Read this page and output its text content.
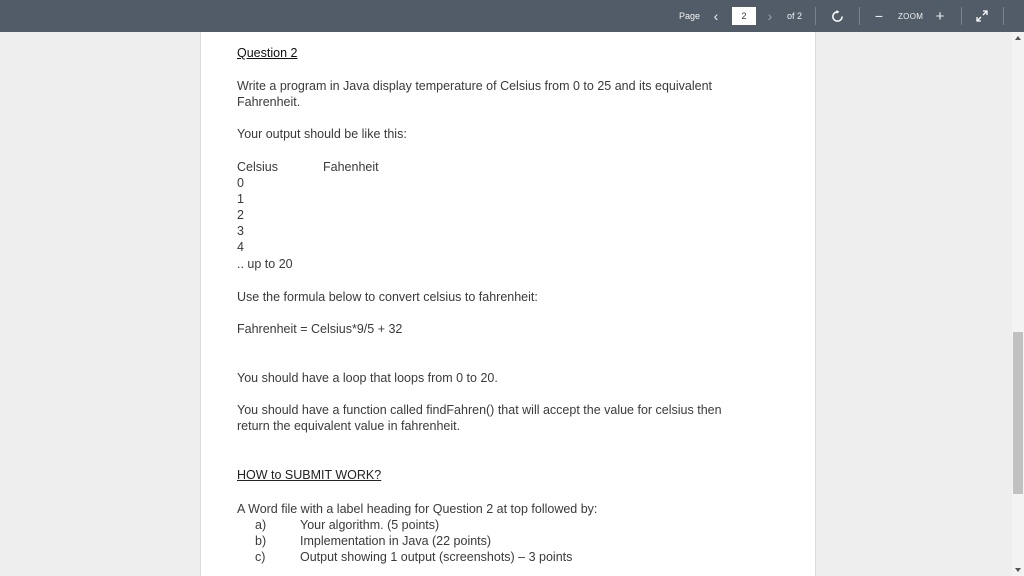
Page ‹
2	›	of 2	− ZOOM +
Question 2
Write a program in Java display temperature of Celsius from 0 to 25 and its equivalent
Fahrenheit.
Your output should be like this:
Celsius	Fahenheit
0
1
2
3
4
.. up to 20
Use the formula below to convert celsius to fahrenheit:
Fahrenheit = Celsius*9/5 + 32
You should have a loop that loops from 0 to 20.
You should have a function called findFahren() that will accept the value for celsius then
return the equivalent value in fahrenheit.
HOW to SUBMIT WORK?
A Word file with a label heading for Question 2 at top followed by:
a)	Your algorithm. (5 points)
b)	Implementation in Java (22 points)
c)	Output showing 1 output (screenshots) – 3 points
